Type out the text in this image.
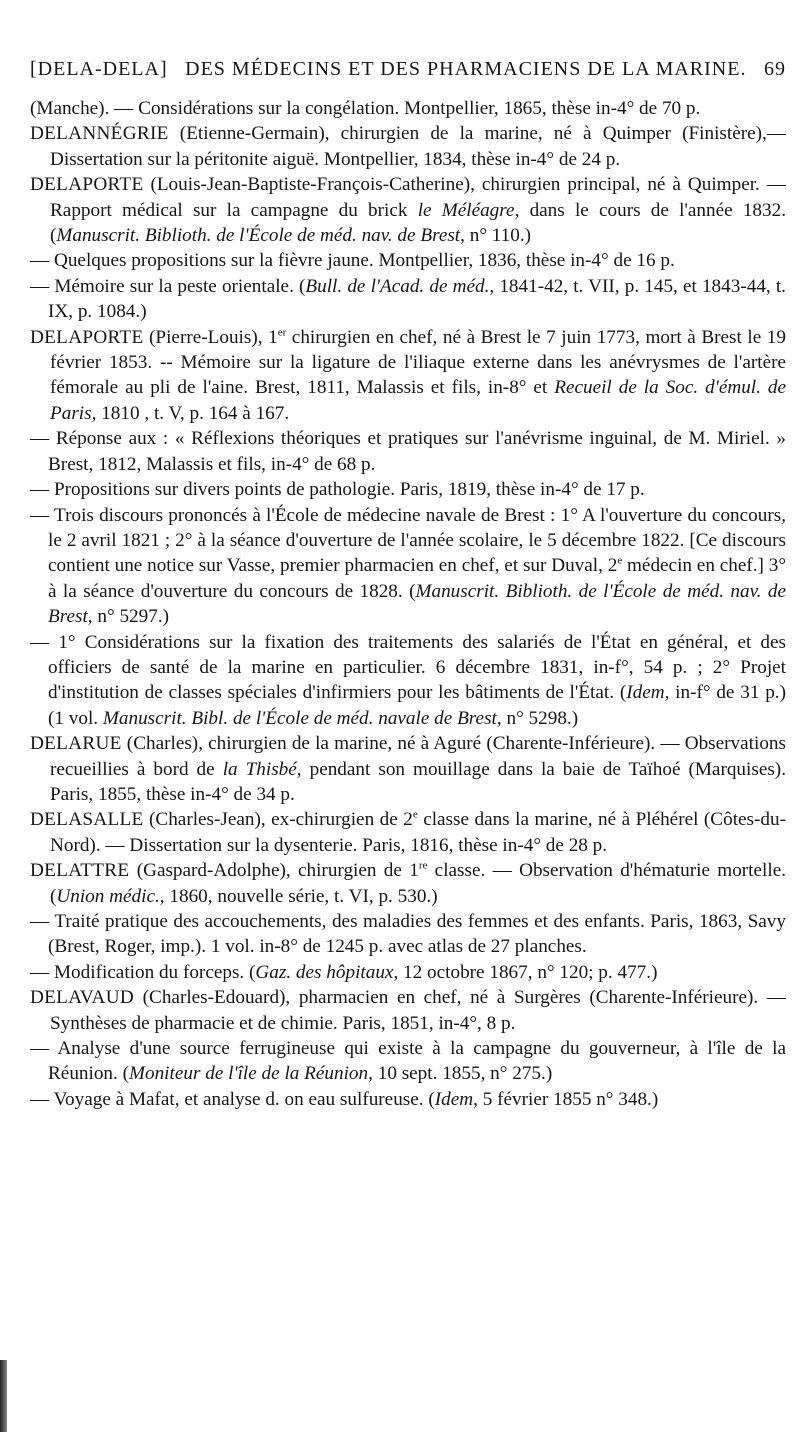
[DELA-DELA] DES MÉDECINS ET DES PHARMACIENS DE LA MARINE. 69

(Manche). — Considérations sur la congélation. Montpellier, 1865, thèse in-4° de 70 p.

DELANNÉGRIE (Etienne-Germain), chirurgien de la marine, né à Quimper (Finistère),— Dissertation sur la péritonite aiguë. Montpellier, 1834, thèse in-4° de 24 p.

DELAPORTE (Louis-Jean-Baptiste-François-Catherine), chirurgien principal, né à Quimper. — Rapport médical sur la campagne du brick le Méléagre, dans le cours de l'année 1832. (Manuscrit. Biblioth. de l'École de méd. nav. de Brest, n° 110.)

— Quelques propositions sur la fièvre jaune. Montpellier, 1836, thèse in-4° de 16 p.

— Mémoire sur la peste orientale. (Bull. de l'Acad. de méd., 1841-42, t. VII, p. 145, et 1843-44, t. IX, p. 1084.)

DELAPORTE (Pierre-Louis), 1er chirurgien en chef, né à Brest le 7 juin 1773, mort à Brest le 19 février 1853. -- Mémoire sur la ligature de l'iliaque externe dans les anévrysmes de l'artère fémorale au pli de l'aine. Brest, 1811, Malassis et fils, in-8° et Recueil de la Soc. d'émul. de Paris, 1810 , t. V, p. 164 à 167.

— Réponse aux : « Réflexions théoriques et pratiques sur l'anévrisme inguinal, de M. Miriel. » Brest, 1812, Malassis et fils, in-4° de 68 p.

— Propositions sur divers points de pathologie. Paris, 1819, thèse in-4° de 17 p.

— Trois discours prononcés à l'École de médecine navale de Brest : 1° A l'ouverture du concours, le 2 avril 1821 ; 2° à la séance d'ouverture de l'année scolaire, le 5 décembre 1822. [Ce discours contient une notice sur Vasse, premier pharmacien en chef, et sur Duval, 2e médecin en chef.] 3° à la séance d'ouverture du concours de 1828. (Manuscrit. Biblioth. de l'École de méd. nav. de Brest, n° 5297.)

— 1° Considérations sur la fixation des traitements des salariés de l'État en général, et des officiers de santé de la marine en particulier. 6 décembre 1831, in-f°, 54 p. ; 2° Projet d'institution de classes spéciales d'infirmiers pour les bâtiments de l'État. (Idem, in-f° de 31 p.) (1 vol. Manuscrit. Bibl. de l'École de méd. navale de Brest, n° 5298.)

DELARUE (Charles), chirurgien de la marine, né à Aguré (Charente-Inférieure). — Observations recueillies à bord de la Thisbé, pendant son mouillage dans la baie de Taïhoé (Marquises). Paris, 1855, thèse in-4° de 34 p.

DELASALLE (Charles-Jean), ex-chirurgien de 2e classe dans la marine, né à Pléhérel (Côtes-du-Nord). — Dissertation sur la dysenterie. Paris, 1816, thèse in-4° de 28 p.

DELATTRE (Gaspard-Adolphe), chirurgien de 1re classe. — Observation d'hématurie mortelle. (Union médic., 1860, nouvelle série, t. VI, p. 530.)

— Traité pratique des accouchements, des maladies des femmes et des enfants. Paris, 1863, Savy (Brest, Roger, imp.). 1 vol. in-8° de 1245 p. avec atlas de 27 planches.

— Modification du forceps. (Gaz. des hôpitaux, 12 octobre 1867, n° 120; p. 477.)

DELAVAUD (Charles-Edouard), pharmacien en chef, né à Surgères (Charente-Inférieure). — Synthèses de pharmacie et de chimie. Paris, 1851, in-4°, 8 p.

— Analyse d'une source ferrugineuse qui existe à la campagne du gouverneur, à l'île de la Réunion. (Moniteur de l'île de la Réunion, 10 sept. 1855, n° 275.)

— Voyage à Mafat, et analyse d. on eau sulfureuse. (Idem, 5 février 1855 n° 348.)
